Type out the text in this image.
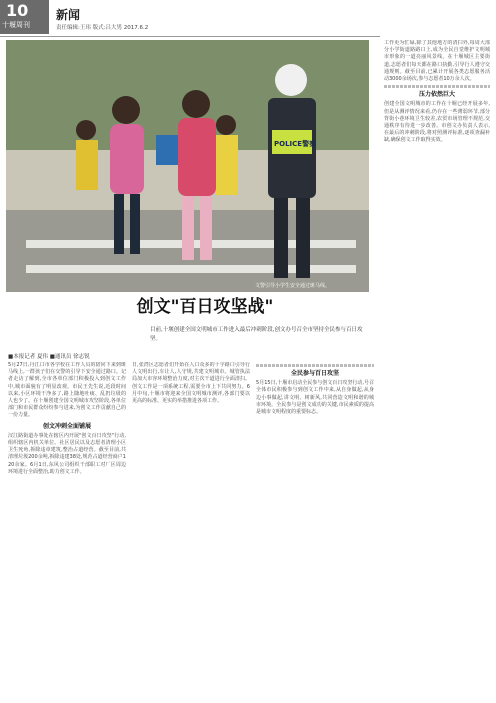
10
十堰周刊
新闻
责任编辑:王玮 版式:吕大男 2017.6.2
POLICE警察
文警引导小学生安全通过斑马线。
创文"百日攻坚战"
目前,十堰创建全国文明城市工作进入最后冲刺阶段,创文办号召全市坚持全民参与百日攻坚。
■本报记者 夏伟 ■通讯员 徐志锐
5月27日,丹江口市各学校在工作人员的陪同下来到斑马线上,一群孩子们在交警的引导下安全通过路口。记者走访了解到,全市各单位部门积极投入到创文工作中,城市面貌有了明显改观。市民王先生说,近段时间以来,小区环境干净多了,路上随地吐痰、乱扔垃圾的人也少了。在十堰创建全国文明城市攻坚阶段,各单位部门和市民群众纷纷参与进来,为创文工作贡献自己的一份力量。
创文冲刺全面铺展
汉江路街道办事处在辖区内开展"创文百日攻坚"行动,组织辖区内机关单位、社区居民以及志愿者清理小区卫生死角,拆除违章建筑,整治占道经营。截至目前,共清理垃圾200余吨,拆除违建38处,规范占道经营商户120余家。6月1日,东风公司组织干部职工对厂区周边环境进行全面整治,助力创文工作。
日,张湾区志愿者们开始在人口众多的十字路口引导行人文明出行,车让人,人守规,共建文明城市。城管执法局加大市容环境整治力度,对主次干道进行全面清扫。创文工作是一项系统工程,需要全市上下共同努力。6月中旬,十堰市将迎来全国文明城市测评,各部门要以更高的标准、更实的举措推进各项工作。
全民参与百日攻坚
5月15日,十堰市启动全民参与创文百日攻坚行动,号召全体市民积极参与到创文工作中来,从自身做起,从身边小事做起,讲文明、树新风,共同营造文明和谐的城市环境。全民参与是创文成功的关键,市民素质的提高是城市文明程度的重要标志。
工作更为忙碌,除了其他地方的清扫外,每周大部分小学街道路路口上,成为全民自觉维护文明城市形象的一道亮丽风景线。在十堰城区主要街道,志愿者们每天都在路口执勤,引导行人遵守交通规则。截至目前,已累计开展各类志愿服务活动3000余场次,参与志愿者10万余人次。
压力依然巨大
创建全国文明城市的工作在十堰已经开展多年,但是从测评情况来看,仍存在一些薄弱环节,部分背街小巷环境卫生较差,农贸市场管理不规范,交通秩序有待进一步改善。市创文办负责人表示,在最后的冲刺阶段,将对照测评标准,逐项查漏补缺,确保创文工作取得实效。
